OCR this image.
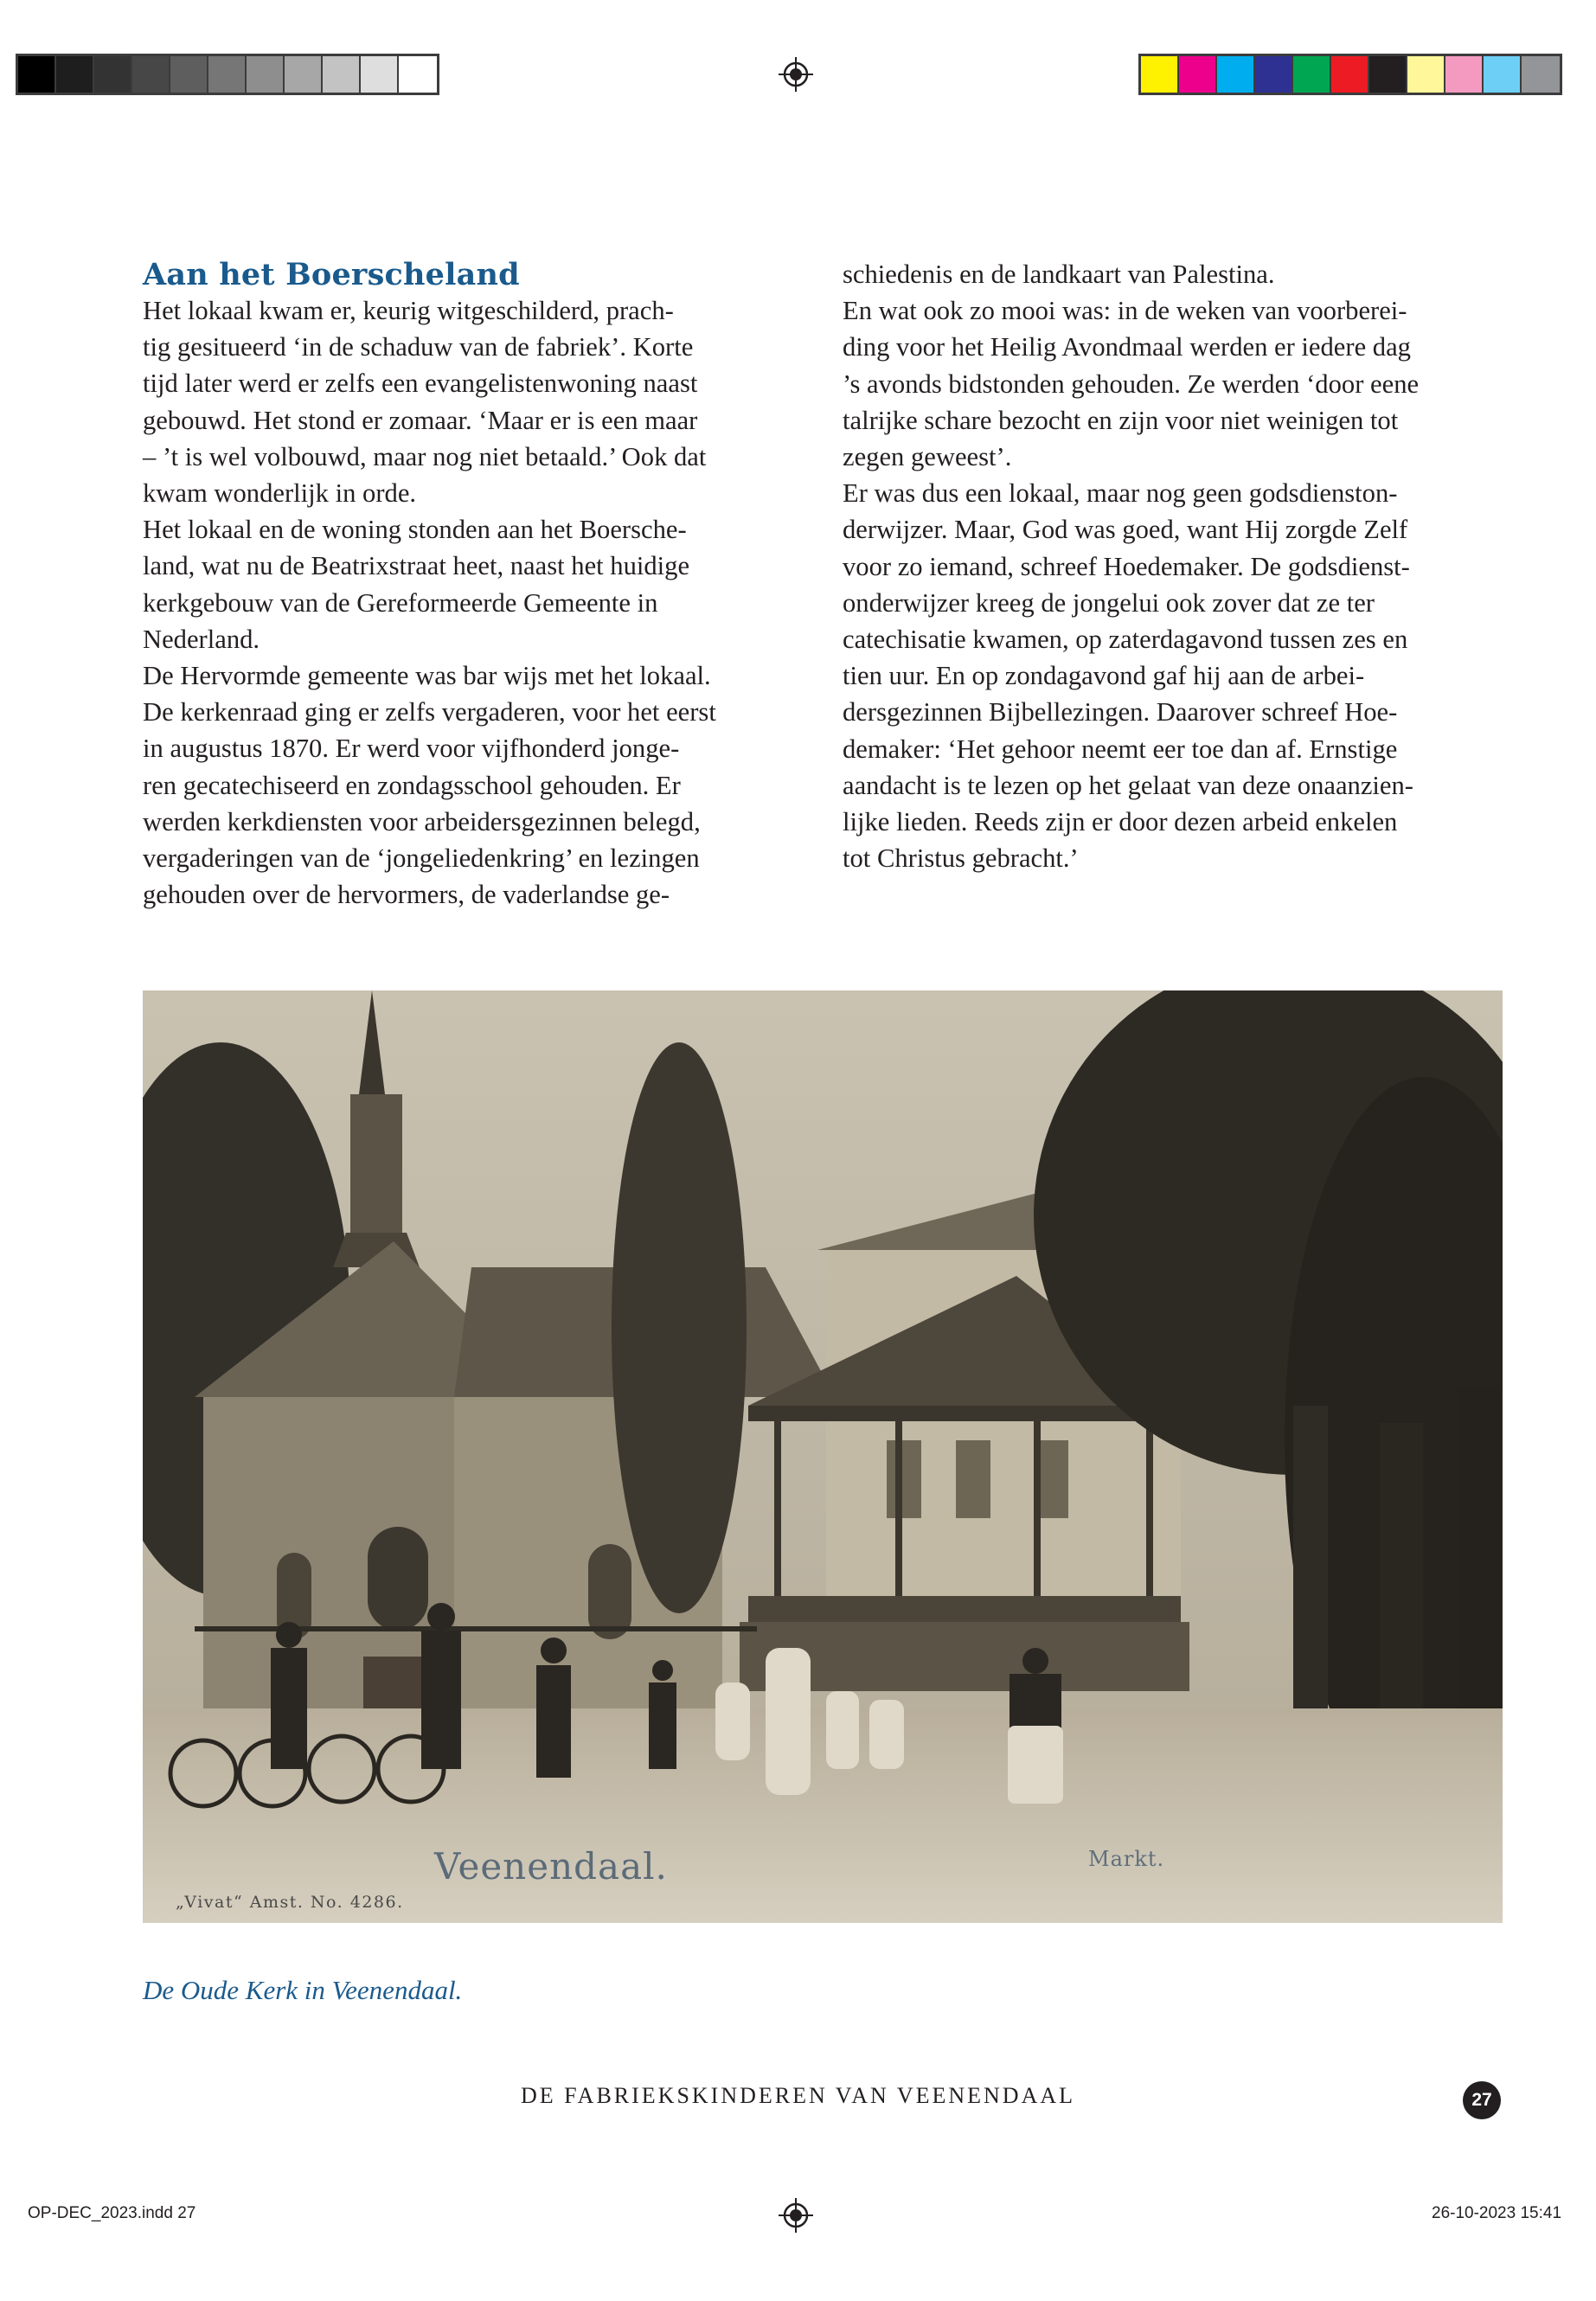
Aan het Boerscheland

Het lokaal kwam er, keurig witgeschilderd, prach-

tig gesitueerd ‘in de schaduw van de fabriek’. Korte

tijd later werd er zelfs een evangelistenwoning naast

gebouwd. Het stond er zomaar. ‘Maar er is een maar

– ’t is wel volbouwd, maar nog niet betaald.’ Ook dat

kwam wonderlijk in orde.

Het lokaal en de woning stonden aan het Boersche-

land, wat nu de Beatrixstraat heet, naast het huidige

kerkgebouw van de Gereformeerde Gemeente in

Nederland.

De Hervormde gemeente was bar wijs met het lokaal.

De kerkenraad ging er zelfs vergaderen, voor het eerst

in augustus 1870. Er werd voor vijfhonderd jonge-

ren gecatechiseerd en zondagsschool gehouden. Er

werden kerkdiensten voor arbeidersgezinnen belegd,

vergaderingen van de ‘jongeliedenkring’ en lezingen

gehouden over de hervormers, de vaderlandse ge-

schiedenis en de landkaart van Palestina.

En wat ook zo mooi was: in de weken van voorberei-

ding voor het Heilig Avondmaal werden er iedere dag

’s avonds bidstonden gehouden. Ze werden ‘door eene

talrijke schare bezocht en zijn voor niet weinigen tot

zegen geweest’.

Er was dus een lokaal, maar nog geen godsdienston-

derwijzer. Maar, God was goed, want Hij zorgde Zelf

voor zo iemand, schreef Hoedemaker. De godsdienst-

onderwijzer kreeg de jongelui ook zover dat ze ter

catechisatie kwamen, op zaterdagavond tussen zes en

tien uur. En op zondagavond gaf hij aan de arbei-

dersgezinnen Bijbellezingen. Daarover schreef Hoe-

demaker: ‘Het gehoor neemt eer toe dan af. Ernstige

aandacht is te lezen op het gelaat van deze onaanzien-

lijke lieden. Reeds zijn er door dezen arbeid enkelen

tot Christus gebracht.’

Veenendaal.	Markt.
„Vivat“ Amst. No. 4286.
De Oude Kerk in Veenendaal.
DE FABRIEKSKINDEREN VAN VEENENDAAL	27
OP-DEC_2023.indd 27	26-10-2023 15:41
